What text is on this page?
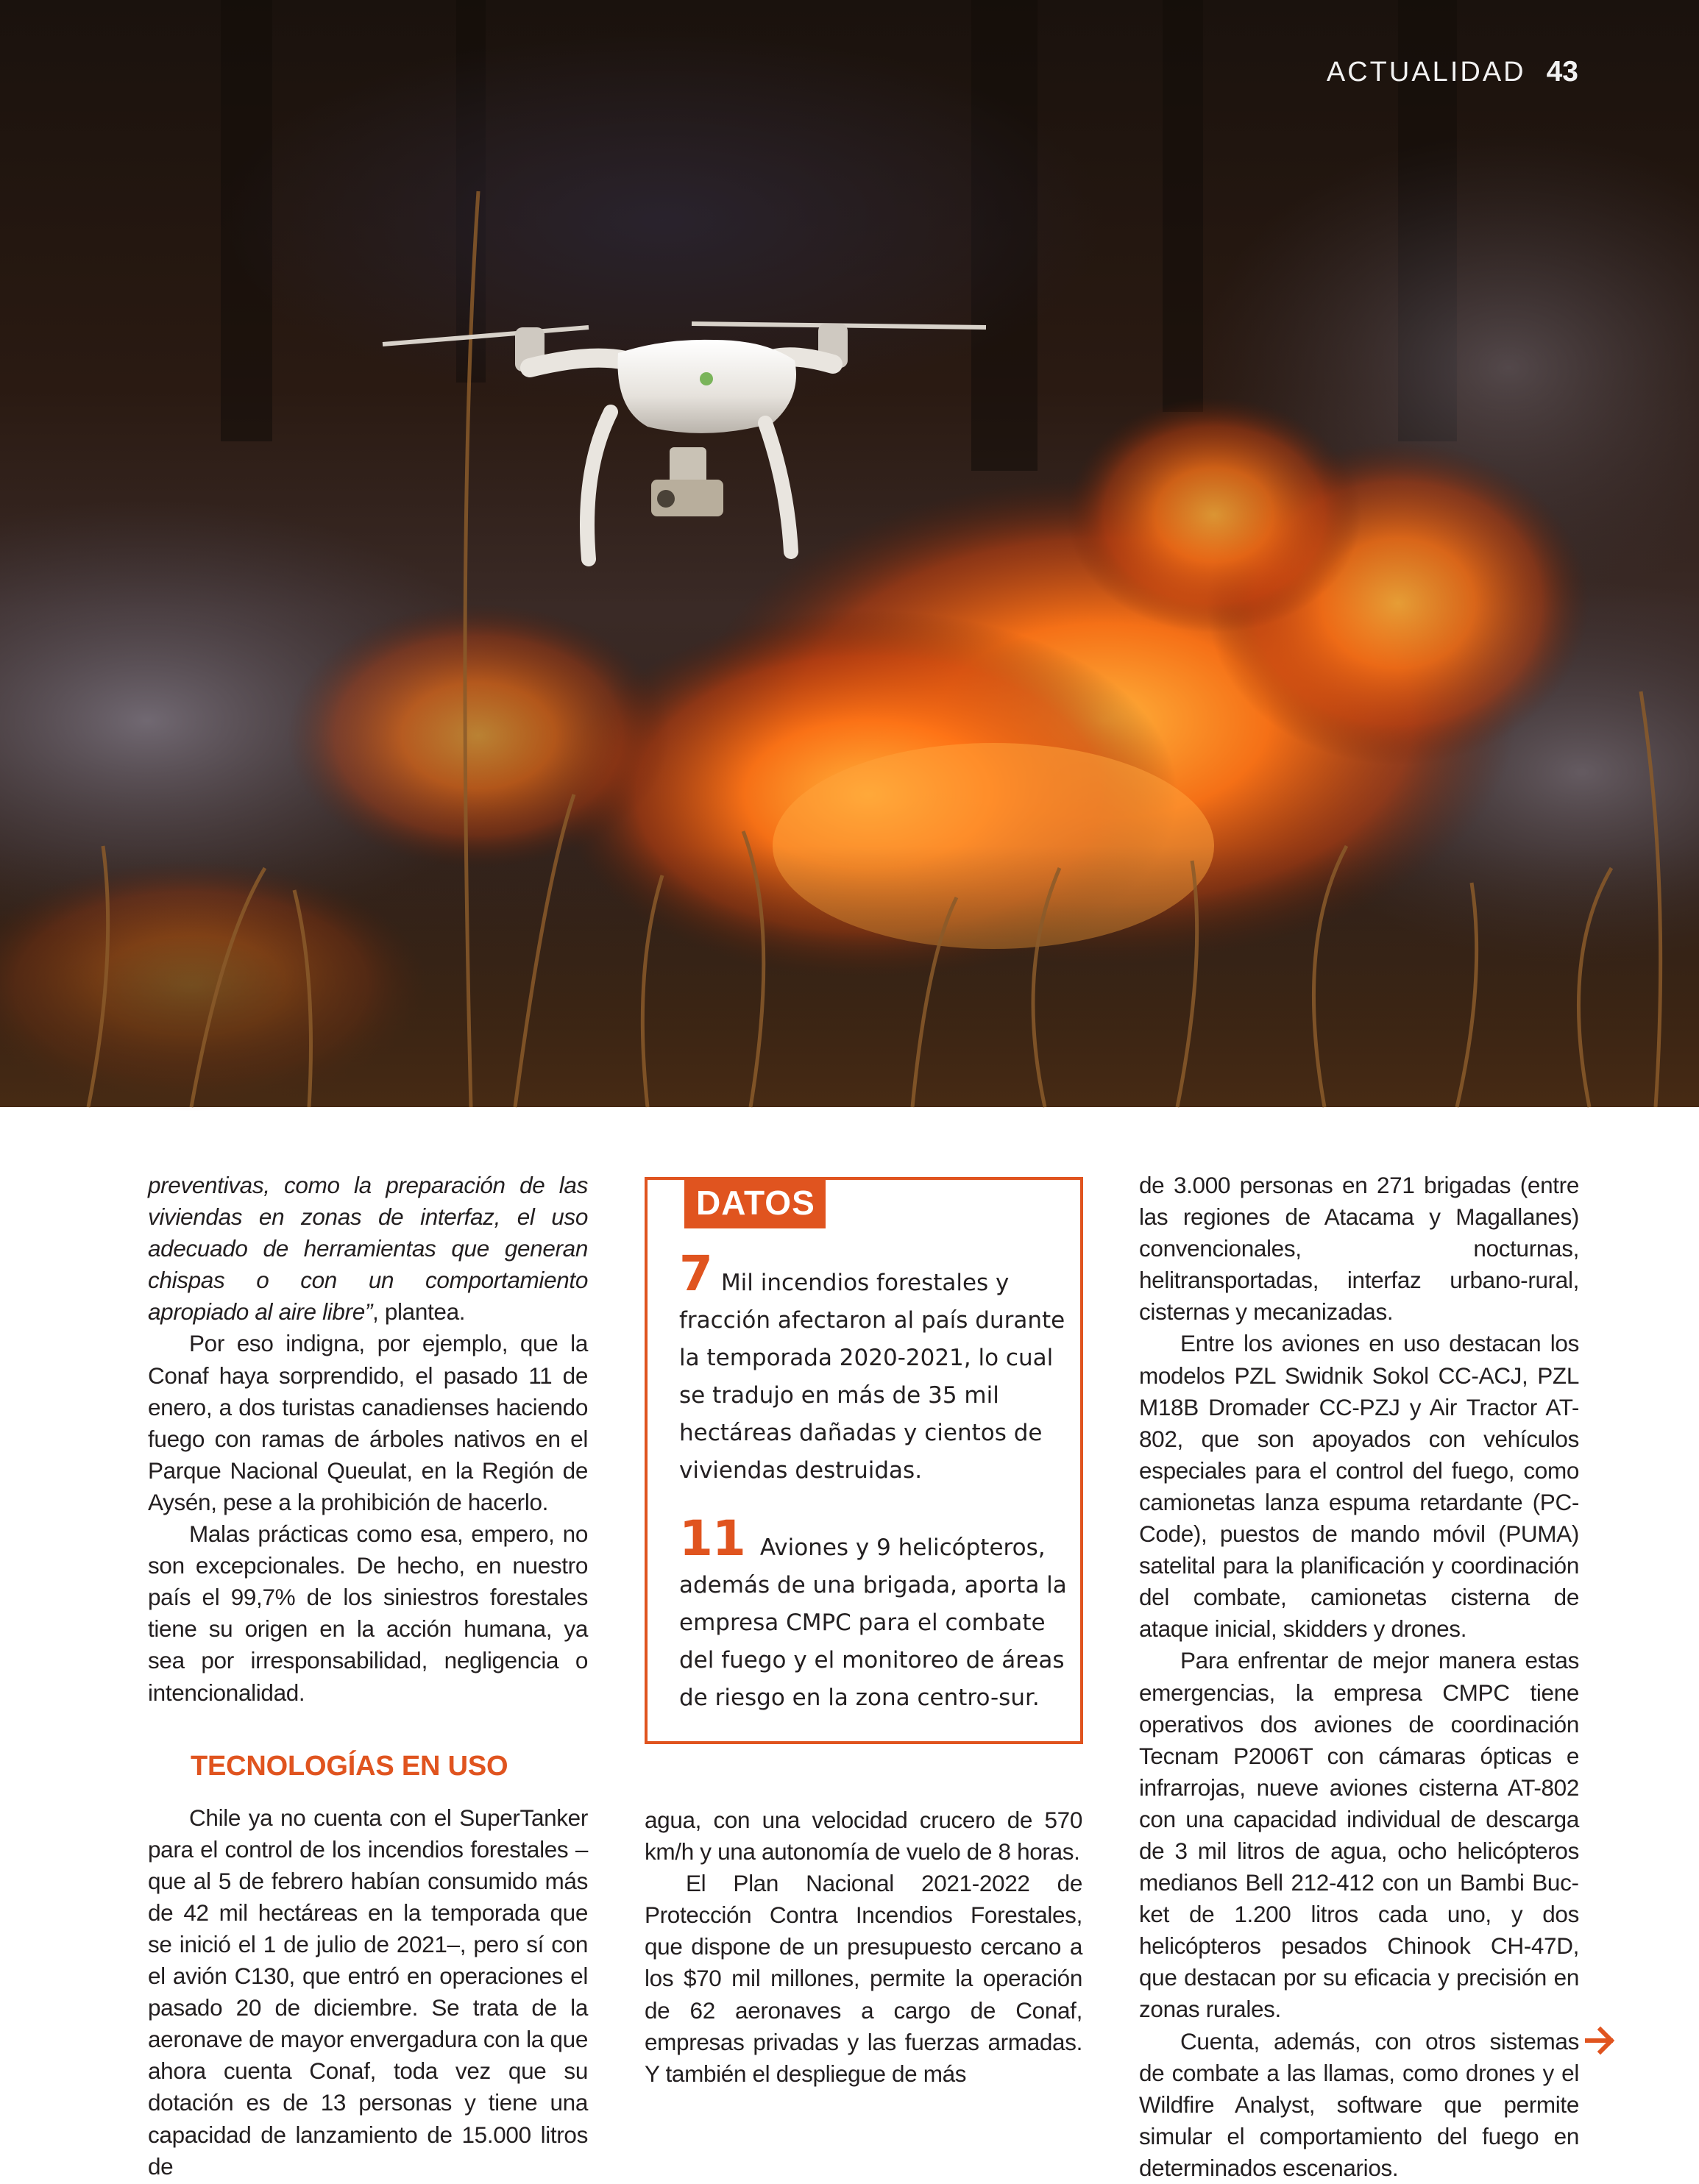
ACTUALIDAD 43

preventivas, como la preparación de las viviendas en zonas de interfaz, el uso adecuado de herramientas que generan chispas o con un comportamiento apropiado al aire libre”, plantea.

Por eso indigna, por ejemplo, que la Conaf haya sorprendido, el pasado 11 de enero, a dos turistas canadienses haciendo fuego con ramas de árboles nativos en el Parque Nacional Queulat, en la Región de Aysén, pese a la prohibición de hacerlo.

Malas prácticas como esa, empero, no son excepcionales. De hecho, en nuestro país el 99,7% de los siniestros forestales tiene su origen en la acción humana, ya sea por irresponsabilidad, negligencia o intencionalidad.

TECNOLOGÍAS EN USO

Chile ya no cuenta con el SuperTanker para el control de los incendios forestales –que al 5 de febrero habían consumido más de 42 mil hectáreas en la temporada que se inició el 1 de julio de 2021–, pero sí con el avión C130, que entró en operaciones el pasado 20 de diciembre. Se trata de la aeronave de mayor envergadura con la que ahora cuenta Conaf, toda vez que su dotación es de 13 personas y tiene una capacidad de lanzamiento de 15.000 litros de

DATOS
7 Mil incendios forestales y fracción afectaron al país durante la temporada 2020-2021, lo cual se tradujo en más de 35 mil hectáreas dañadas y cientos de viviendas destruidas.
11 Aviones y 9 helicópteros, además de una brigada, aporta la empresa CMPC para el combate del fuego y el monitoreo de áreas de riesgo en la zona centro-sur.

agua, con una velocidad crucero de 570 km/h y una autonomía de vuelo de 8 horas.

El Plan Nacional 2021-2022 de Protección Contra Incendios Forestales, que dispone de un presupuesto cercano a los $70 mil millones, permite la operación de 62 aeronaves a cargo de Conaf, empresas privadas y las fuerzas armadas. Y también el despliegue de más

de 3.000 personas en 271 brigadas (entre las regiones de Atacama y Magallanes) convencionales, nocturnas, helitransportadas, interfaz urbano-rural, cisternas y mecanizadas.

Entre los aviones en uso destacan los modelos PZL Swidnik Sokol CC-ACJ, PZL M18B Dromader CC-PZJ y Air Tractor AT-802, que son apoyados con vehículos especiales para el control del fuego, como camionetas lanza espuma retardante (PC-Code), puestos de mando móvil (PUMA) satelital para la planificación y coordinación del combate, camionetas cisterna de ataque inicial, skidders y drones.

Para enfrentar de mejor manera estas emergencias, la empresa CMPC tiene operativos dos aviones de coordinación Tecnam P2006T con cámaras ópticas e infrarrojas, nueve aviones cisterna AT-802 con una capacidad individual de descarga de 3 mil litros de agua, ocho helicópteros medianos Bell 212-412 con un Bambi Bucket de 1.200 litros cada uno, y dos helicópteros pesados Chinook CH-47D, que destacan por su eficacia y precisión en zonas rurales.

Cuenta, además, con otros sistemas de combate a las llamas, como drones y el Wildfire Analyst, software que permite simular el comportamiento del fuego en determinados escenarios.
